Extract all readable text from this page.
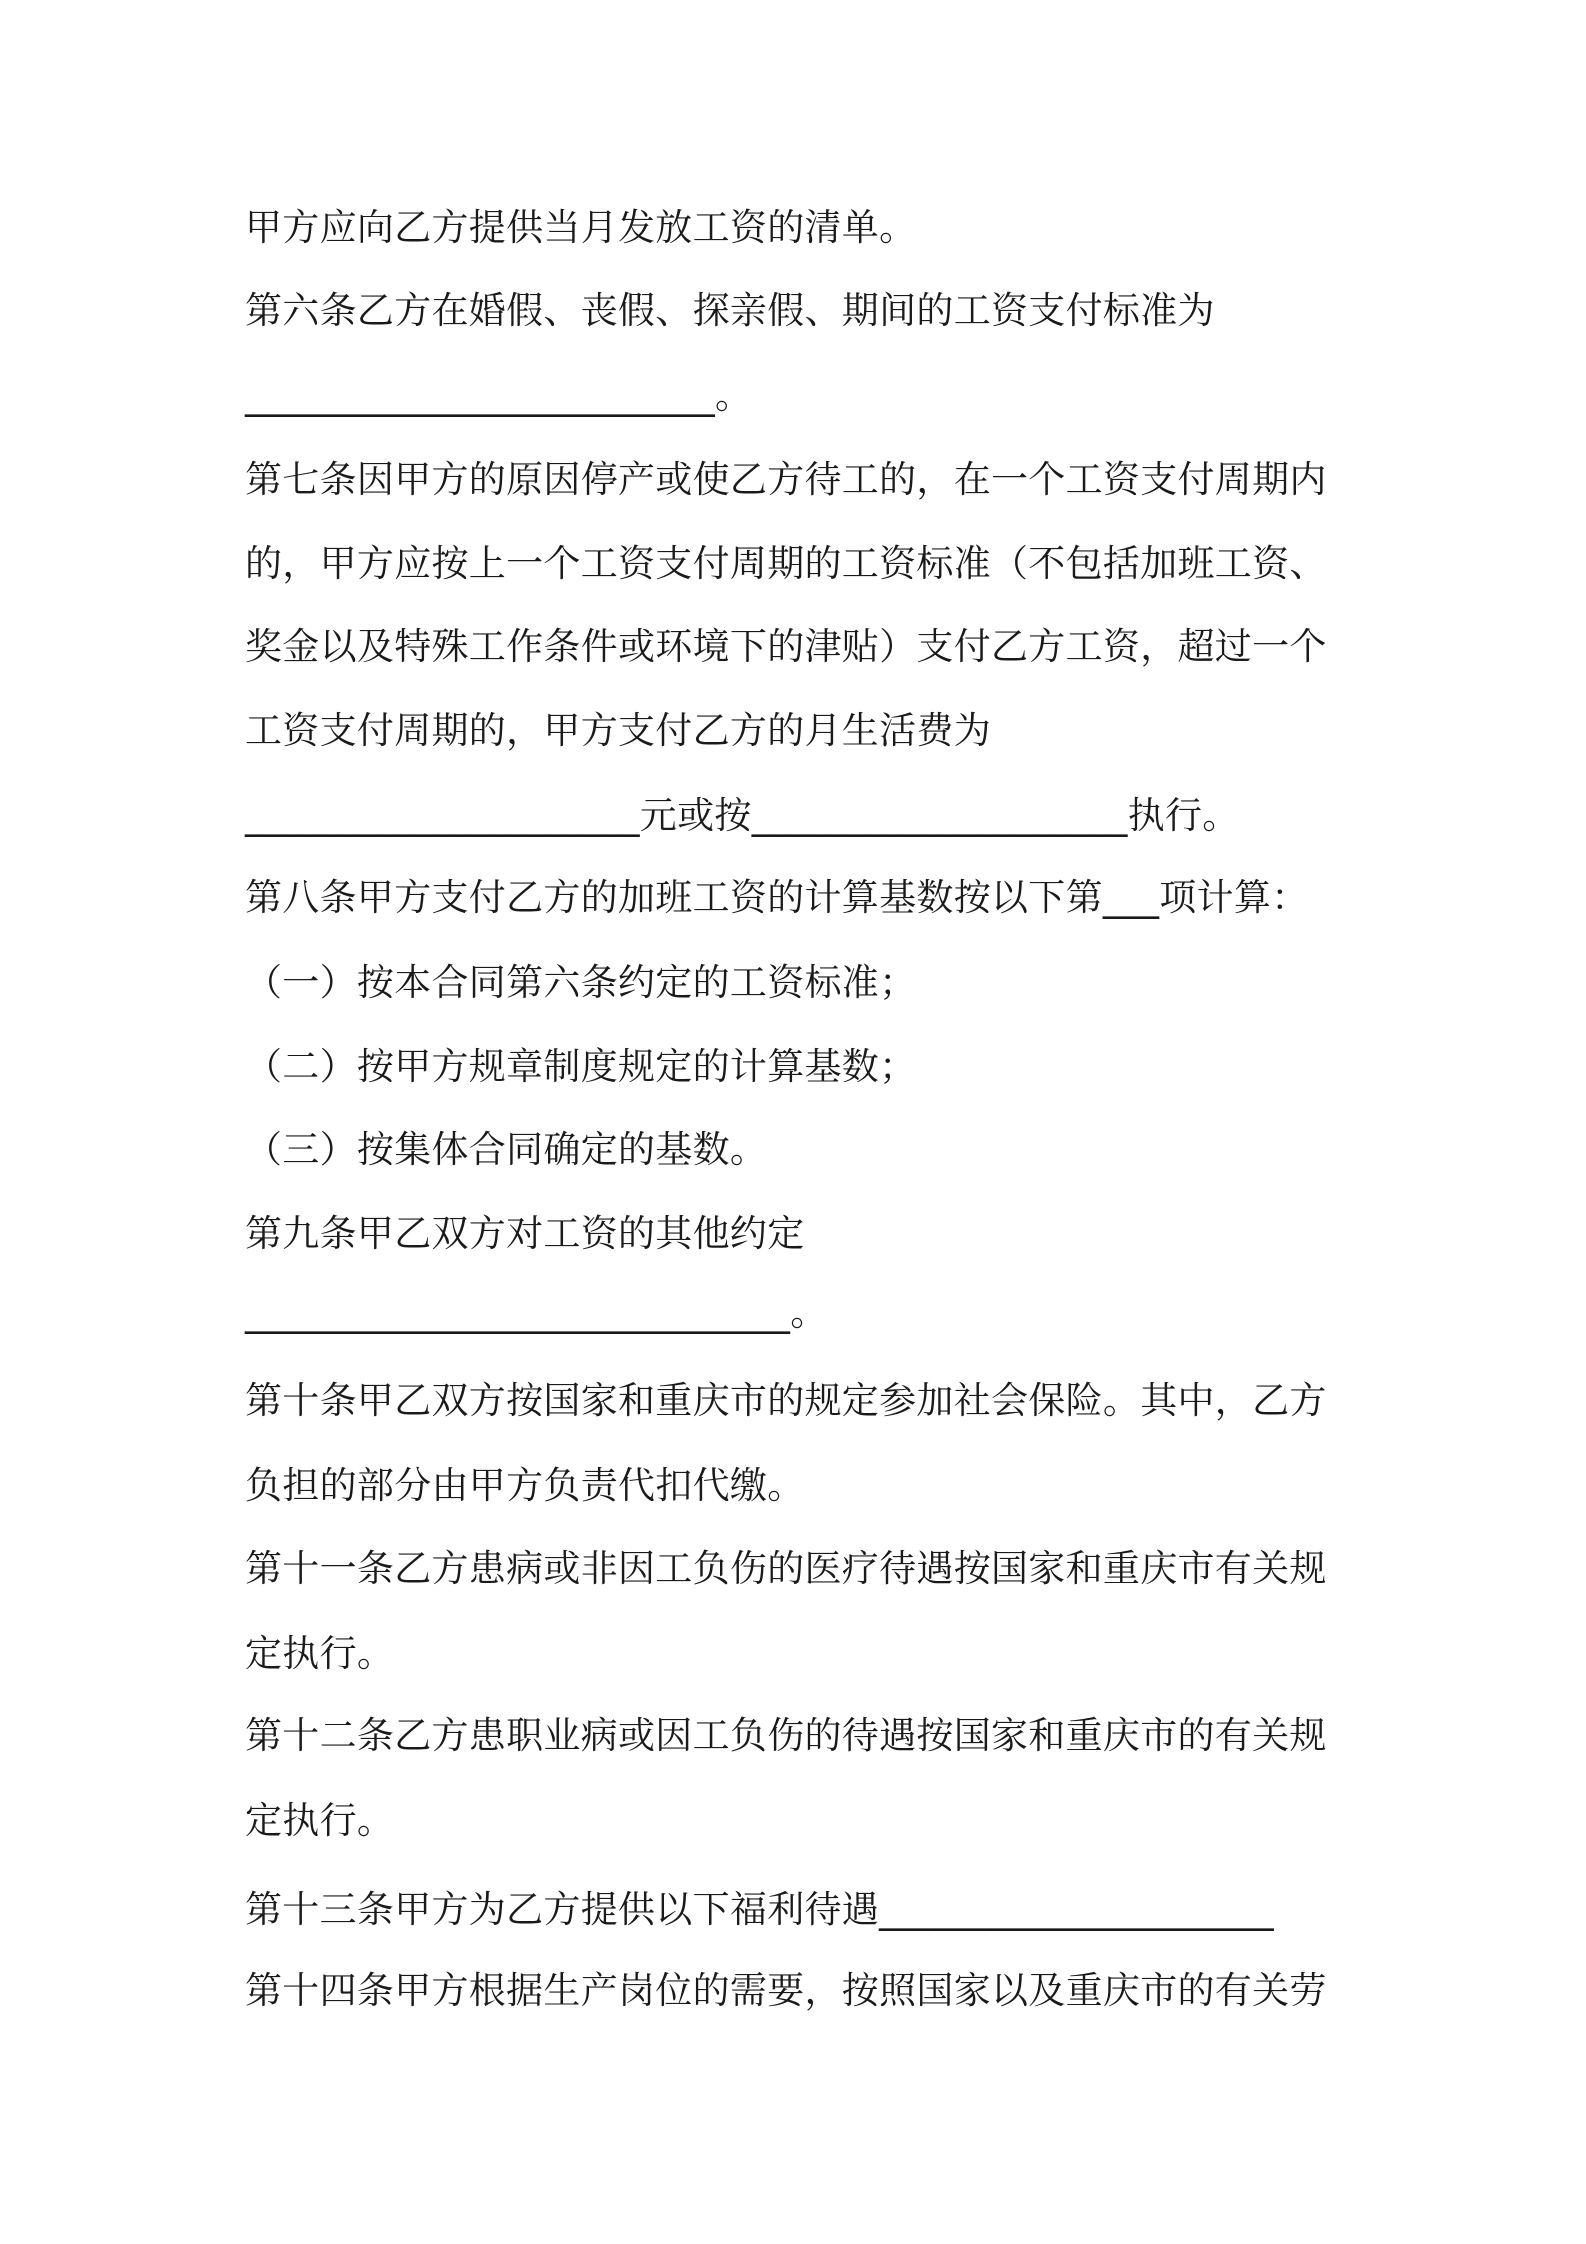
甲方应向乙方提供当月发放工资的清单。
第六条乙方在婚假、丧假、探亲假、期间的工资支付标准为
_________________________。
第七条因甲方的原因停产或使乙方待工的，在一个工资支付周期内
的，甲方应按上一个工资支付周期的工资标准（不包括加班工资、
奖金以及特殊工作条件或环境下的津贴）支付乙方工资，超过一个
工资支付周期的，甲方支付乙方的月生活费为
_____________________元或按____________________执行。
第八条甲方支付乙方的加班工资的计算基数按以下第___项计算：
（一）按本合同第六条约定的工资标准；
（二）按甲方规章制度规定的计算基数；
（三）按集体合同确定的基数。
第九条甲乙双方对工资的其他约定
_____________________________。
第十条甲乙双方按国家和重庆市的规定参加社会保险。其中，乙方
负担的部分由甲方负责代扣代缴。
第十一条乙方患病或非因工负伤的医疗待遇按国家和重庆市有关规
定执行。
第十二条乙方患职业病或因工负伤的待遇按国家和重庆市的有关规
定执行。
第十三条甲方为乙方提供以下福利待遇_____________________
第十四条甲方根据生产岗位的需要，按照国家以及重庆市的有关劳
